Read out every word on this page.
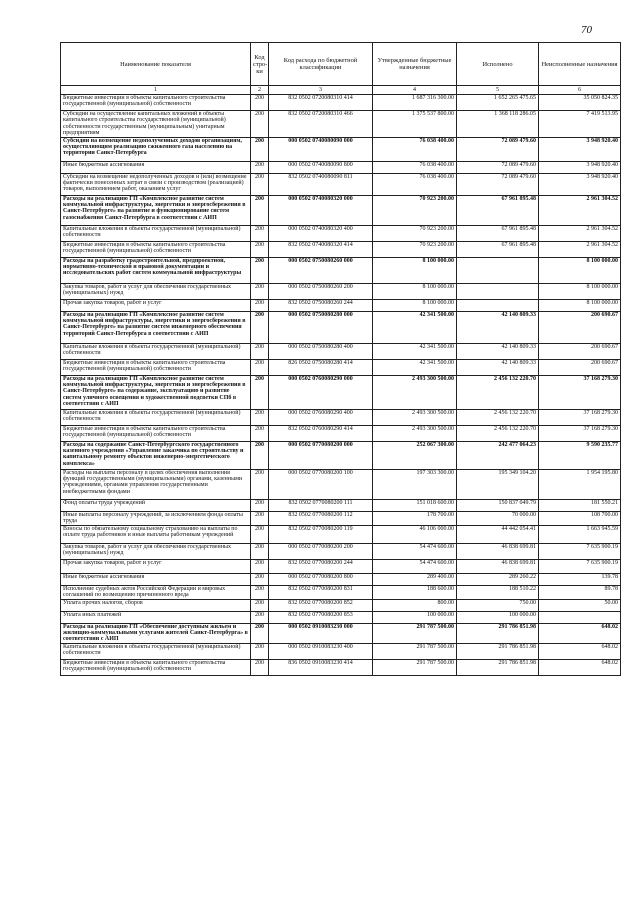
70
Наименование показателя	Код стро-ки	Код расхода по бюджетной классификации	Утвержденные бюджетные назначения	Исполнено	Неисполненные назначения
1	2	3	4	5	6
Бюджетные инвестиции в объекты капитального строительства государственной (муниципальной) собственности	200	832 0502 0720080310 414	1 687 316 300.00	1 652 265 475.65	35 050 824.35
Субсидии на осуществление капитальных вложений в объекты капитального строительства государственной (муниципальной) собственности государственным (муниципальным) унитарным предприятиям	200	832 0502 0720080310 466	1 375 537 800.00	1 368 118 286.05	7 419 513.95
Субсидии на возмещение недополученных доходов организациям, осуществляющим реализацию сжиженного газа населению на территории Санкт-Петербурга	200	000 0502 0740080090 000	76 038 400.00	72 089 479.60	3 948 920.40
Иные бюджетные ассигнования	200	000 0502 0740080090 800	76 038 400.00	72 089 479.60	3 948 920.40
Субсидии на возмещение недополученных доходов и (или) возмещение фактически понесенных затрат в связи с производством (реализацией) товаров, выполнением работ, оказанием услуг	200	832 0502 0740080090 811	76 038 400.00	72 089 479.60	3 948 920.40
Расходы на реализацию ГП «Комплексное развитие систем коммунальной инфраструктуры, энергетики и энергосбережения в Санкт-Петербурге» на развитие и функционирование систем газоснабжения Санкт-Петербурга в соответствии с АИП	200	000 0502 0740080320 000	70 923 200.00	67 961 895.48	2 961 304.52
Капитальные вложения в объекты государственной (муниципальной) собственности	200	000 0502 0740080320 400	70 923 200.00	67 961 895.48	2 961 304.52
Бюджетные инвестиции в объекты капитального строительства государственной (муниципальной) собственности	200	832 0502 0740080320 414	70 923 200.00	67 961 895.48	2 961 304.52
Расходы на разработку градостроительной, предпроектной, нормативно-технической и правовой документации и исследовательских работ систем коммунальной инфраструктуры	200	000 0502 0750080260 000	8 100 000.00		8 100 000.00
Закупка товаров, работ и услуг для обеспечения государственных (муниципальных) нужд	200	000 0502 0750080260 200	8 100 000.00		8 100 000.00
Прочая закупка товаров, работ и услуг	200	832 0502 0750080260 244	8 100 000.00		8 100 000.00
Расходы на реализацию ГП «Комплексное развитие систем коммунальной инфраструктуры, энергетики и энергосбережения в Санкт-Петербурге» на развитие систем инженерного обеспечения территорий Санкт-Петербурга в соответствии с АИП	200	000 0502 0750080280 000	42 341 500.00	42 140 809.33	200 690.67
Капитальные вложения в объекты государственной (муниципальной) собственности	200	000 0502 0750080280 400	42 341 500.00	42 140 809.33	200 690.67
Бюджетные инвестиции в объекты капитального строительства государственной (муниципальной) собственности	200	826 0502 0750080280 414	42 341 500.00	42 140 809.33	200 690.67
Расходы на реализацию ГП «Комплексное развитие систем коммунальной инфраструктуры, энергетики и энергосбережения в Санкт-Петербурге» на содержание, эксплуатацию и развитие систем уличного освещения и художественной подсветки СПб в соответствии с АИП	200	000 0502 0760080290 000	2 493 300 500.00	2 456 132 220.70	37 168 279.30
Капитальные вложения в объекты государственной (муниципальной) собственности	200	000 0502 0760080290 400	2 493 300 500.00	2 456 132 220.70	37 168 279.30
Бюджетные инвестиции в объекты капитального строительства государственной (муниципальной) собственности	200	832 0502 0760080290 414	2 493 300 500.00	2 456 132 220.70	37 168 279.30
Расходы на содержание Санкт-Петербургского государственного казенного учреждения «Управление заказчика по строительству и капитальному ремонту объектов инженерно-энергетического комплекса»	200	000 0502 0770080200 000	252 067 300.00	242 477 064.23	9 590 235.77
Расходы на выплаты персоналу в целях обеспечения выполнения функций государственными (муниципальными) органами, казенными учреждениями, органами управления государственными внебюджетными фондами	200	000 0502 0770080200 100	197 303 300.00	195 349 104.20	1 954 195.80
Фонд оплаты труда учреждений	200	832 0502 0770080200 111	151 018 600.00	150 837 049.79	181 550.21
Иные выплаты персоналу учреждений, за исключением фонда оплаты труда	200	832 0502 0770080200 112	178 700.00	70 000.00	108 700.00
Взносы по обязательному социальному страхованию на выплаты по оплате труда работников и иные выплаты работникам учреждений	200	832 0502 0770080200 119	46 106 000.00	44 442 054.41	1 663 945.59
Закупка товаров, работ и услуг для обеспечения государственных (муниципальных) нужд	200	000 0502 0770080200 200	54 474 600.00	46 838 699.81	7 635 900.19
Прочая закупка товаров, работ и услуг	200	832 0502 0770080200 244	54 474 600.00	46 838 699.81	7 635 900.19
Иные бюджетные ассигнования	200	000 0502 0770080200 800	289 400.00	289 260.22	139.78
Исполнение судебных актов Российской Федерации и мировых соглашений по возмещению причиненного вреда	200	832 0502 0770080200 831	188 600.00	188 510.22	89.78
Уплата прочих налогов, сборов	200	832 0502 0770080200 852	800.00	750.00	50.00
Уплата иных платежей	200	832 0502 0770080200 853	100 000.00	100 000.00	
Расходы на реализацию ГП «Обеспечение доступным жильем и жилищно-коммунальными услугами жителей Санкт-Петербурга» в соответствии с АИП	200	000 0502 0910083230 000	291 787 500.00	291 786 851.98	648.02
Капитальные вложения в объекты государственной (муниципальной) собственности	200	000 0502 0910083230 400	291 787 500.00	291 786 851.98	648.02
Бюджетные инвестиции в объекты капитального строительства государственной (муниципальной) собственности	200	836 0502 0910083230 414	291 787 500.00	291 786 851.98	648.02
